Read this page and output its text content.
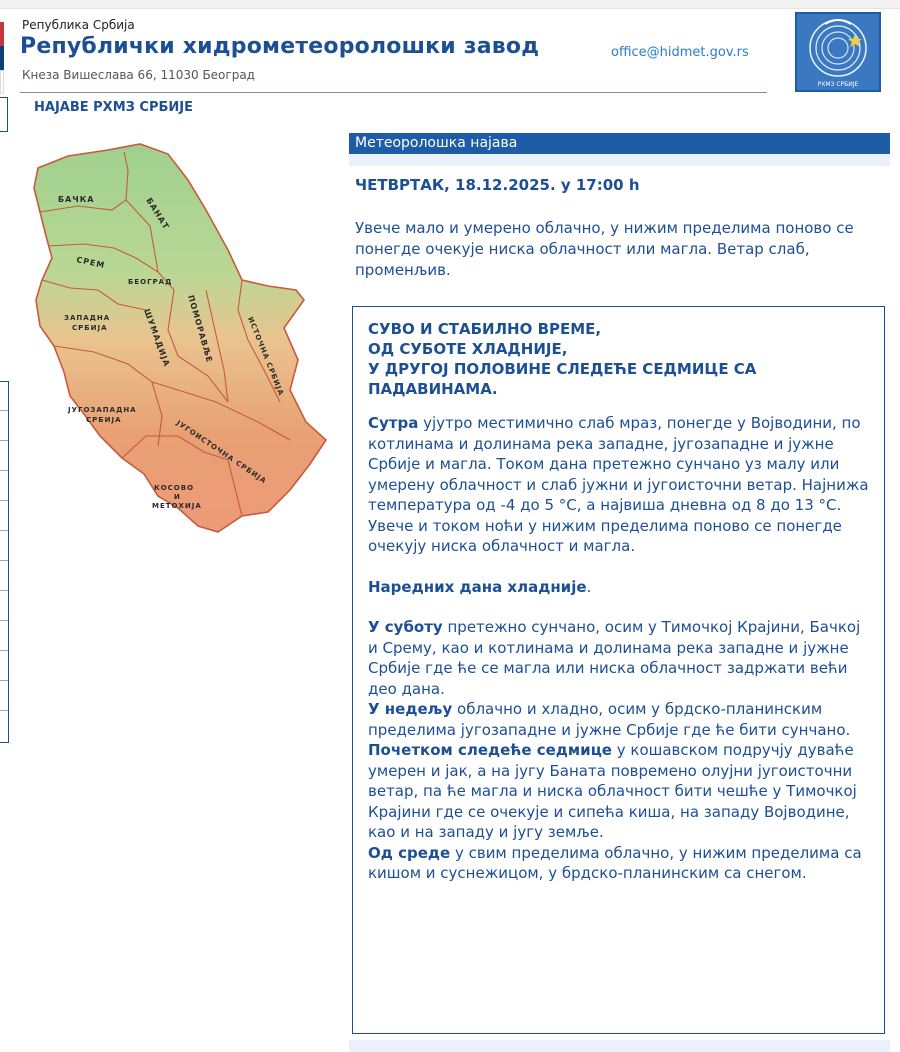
Република Србија
Републички хидрометеоролошки завод
Кнеза Вишеслава 66, 11030 Београд
office@hidmet.gov.rs
РХМЗ СРБИЈЕ
НАЈАВЕ РХМЗ СРБИЈЕ
БАЧКА	БАНАТ
СРЕМ
БЕОГРАД
ЗАПАДНА
СРБИЈА	ПОМОРАВЉЕ
ШУМАДИЈА	ИСТОЧНА СРБИЈА
ЈУГОЗАПАДНА
СРБИЈА	ЈУГОИСТОЧНА СРБИЈА
КОСОВО
И
МЕТОХИЈА
Метеоролошка најава
ЧЕТВРТАК, 18.12.2025. у 17:00 h

Увече мало и умерено облачно, у нижим пределима поново се понегде очекује ниска облачност или магла. Ветар слаб, променљив.

СУВО И СТАБИЛНО ВРЕМЕ,
ОД СУБОТЕ ХЛАДНИЈЕ,
У ДРУГОЈ ПОЛОВИНЕ СЛЕДЕЋЕ СЕДМИЦЕ СА ПАДАВИНАМА.

Сутра ујутро местимично слаб мраз, понегде у Војводини, по котлинама и долинама река западне, југозападне и јужне Србије и магла. Током дана претежно сунчано уз малу или умерену облачност и слаб јужни и југоисточни ветар. Најнижа температура од -4 до 5 °C, а највиша дневна од 8 до 13 °C. Увече и током ноћи у нижим пределима поново се понегде очекују ниска облачност и магла.

Наредних дана хладније.

У суботу претежно сунчано, осим у Тимочкој Крајини, Бачкој и Срему, као и котлинама и долинама река западне и јужне Србије где ће се магла или ниска облачност задржати већи део дана.

У недељу облачно и хладно, осим у брдско-планинским пределима југозападне и јужне Србије где ће бити сунчано.

Почетком следеће седмице у кошавском подручју дуваће умерен и јак, а на југу Баната повремено олујни југоисточни ветар, па ће магла и ниска облачност бити чешће у Тимочкој Крајини где се очекује и сипећа киша, на западу Војводине, као и на западу и југу земље.

Од среде у свим пределима облачно, у нижим пределима са кишом и суснежицом, у брдско-планинским са снегом.
